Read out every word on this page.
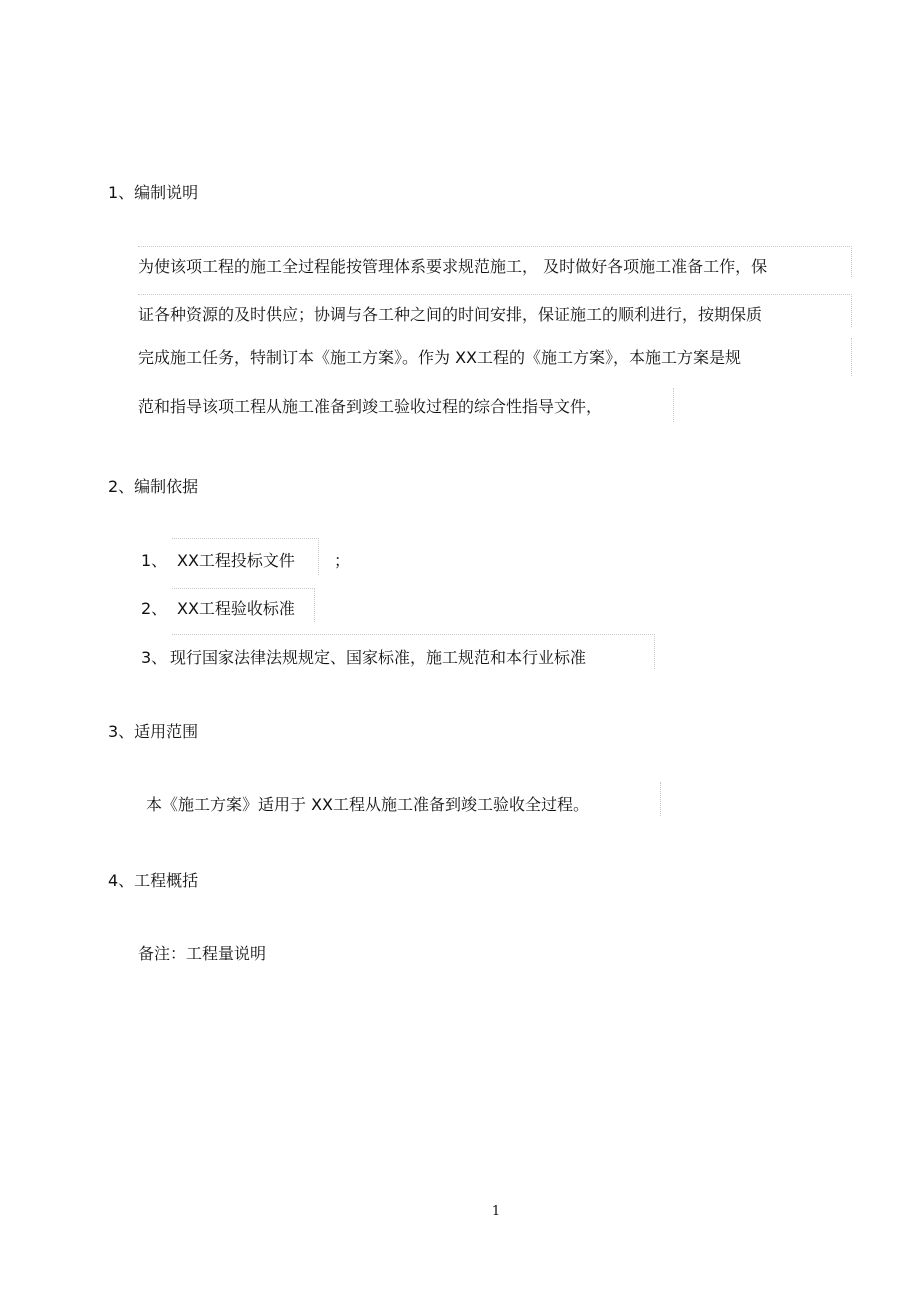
1、编制说明
为使该项工程的施工全过程能按管理体系要求规范施工， 及时做好各项施工准备工作，保
证各种资源的及时供应；协调与各工种之间的时间安排，保证施工的顺利进行，按期保质
完成施工任务，特制订本《施工方案》。作为 XX工程的《施工方案》，本施工方案是规
范和指导该项工程从施工准备到竣工验收过程的综合性指导文件，
2、编制依据
1、 XX工程投标文件 ；
2、 XX工程验收标准
3、 现行国家法律法规规定、国家标准，施工规范和本行业标准
3、适用范围
本《施工方案》适用于 XX工程从施工准备到竣工验收全过程。
4、工程概括
备注：工程量说明
1
